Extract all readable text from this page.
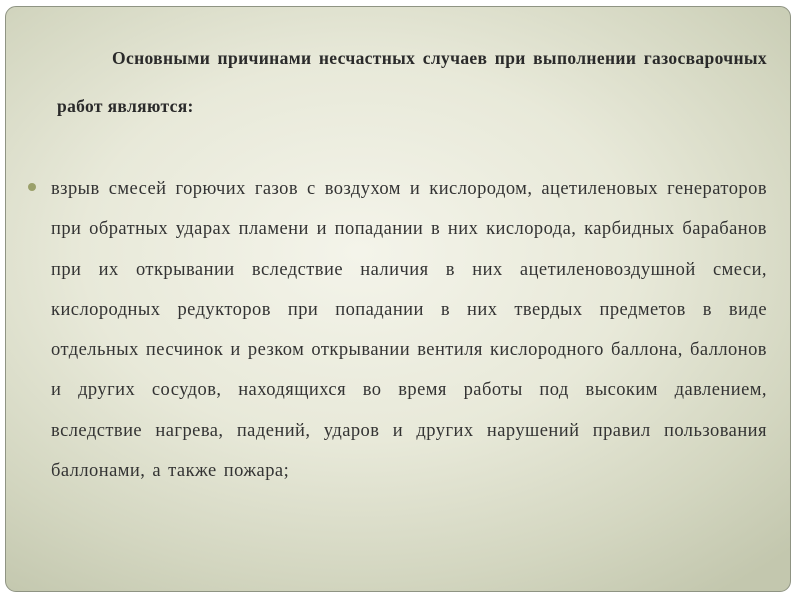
Основными причинами несчастных случаев при выполнении газосварочных работ являются:

взрыв смесей горючих газов с воздухом и кислородом, ацетиленовых генераторов при обратных ударах пламени и попадании в них кислорода, карбидных барабанов при их открывании вследствие наличия в них ацетиленовоздушной смеси, кислородных редукторов при попадании в них твердых предметов в виде отдельных песчинок и резком открывании вентиля кислородного баллона, баллонов и других сосудов, находящихся во время работы под высоким давлением, вследствие нагрева, падений, ударов и других нарушений правил пользования баллонами, а также пожара;
